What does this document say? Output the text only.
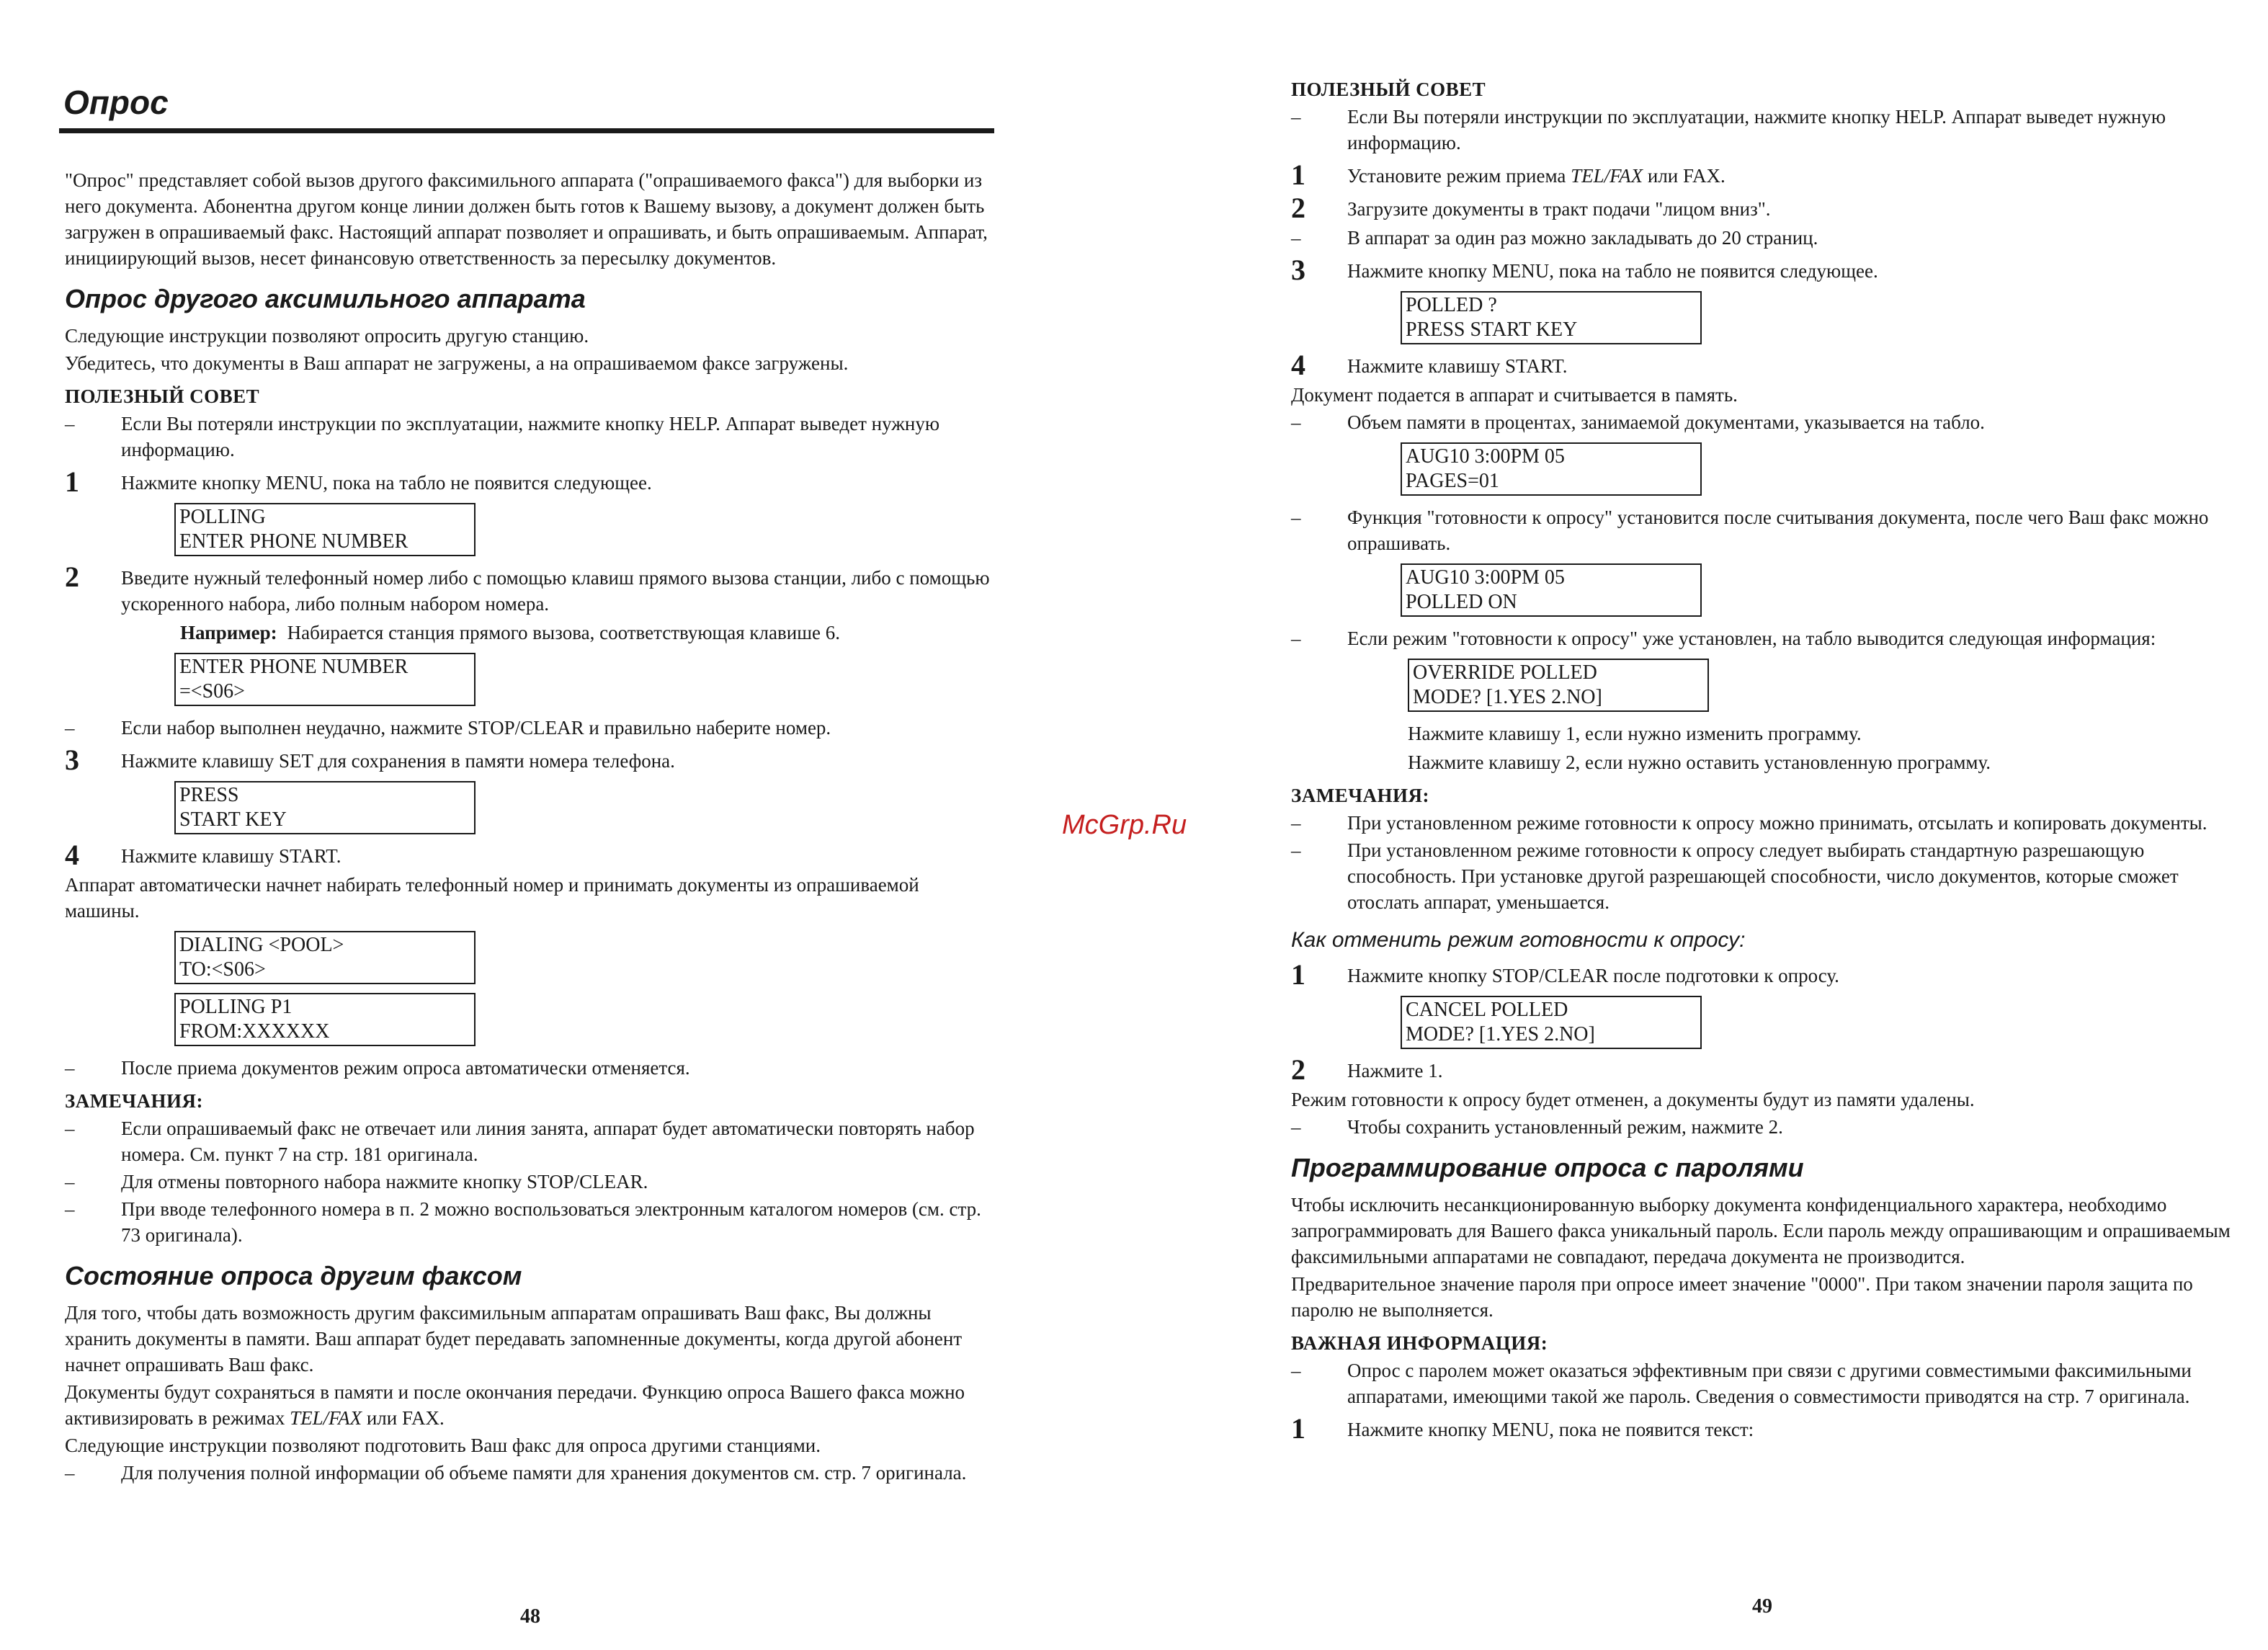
Опрос

"Опрос" представляет собой вызов другого факсимильного аппарата ("опрашиваемого факса") для выборки из него документа. Абонентна другом конце линии должен быть готов к Вашему вызову, а документ должен быть загружен в опрашиваемый факс. Настоящий аппарат позволяет и опрашивать, и быть опрашиваемым. Аппарат, инициирующий вызов, несет финансовую ответственность за пересылку документов.

Опрос другого аксимильного аппарата

Следующие инструкции позволяют опросить другую станцию.

Убедитесь, что документы в Ваш аппарат не загружены, а на опрашиваемом факсе загружены.

ПОЛЕЗНЫЙ СОВЕТ
– Если Вы потеряли инструкции по эксплуатации, нажмите кнопку HELP. Аппарат выведет нужную информацию.
1 Нажмите кнопку MENU, пока на табло не появится следующее.
POLLING
ENTER PHONE NUMBER
2 Введите нужный телефонный номер либо с помощью клавиш прямого вызова станции, либо с помощью ускоренного набора, либо полным набором номера.
Например: Набирается станция прямого вызова, соответствующая клавише 6.
ENTER PHONE NUMBER
=<S06>
– Если набор выполнен неудачно, нажмите STOP/CLEAR и правильно наберите номер.
3 Нажмите клавишу SET для сохранения в памяти номера телефона.
PRESS
START KEY
4 Нажмите клавишу START.

Аппарат автоматически начнет набирать телефонный номер и принимать документы из опрашиваемой машины.

DIALING <POOL>
TO:<S06>
POLLING P1
FROM:XXXXXX
– После приема документов режим опроса автоматически отменяется.
ЗАМЕЧАНИЯ:
– Если опрашиваемый факс не отвечает или линия занята, аппарат будет автоматически повторять набор номера. См. пункт 7 на стр. 181 оригинала.
– Для отмены повторного набора нажмите кнопку STOP/CLEAR.
– При вводе телефонного номера в п. 2 можно воспользоваться электронным каталогом номеров (см. стр. 73 оригинала).
Состояние опроса другим факсом

Для того, чтобы дать возможность другим факсимильным аппаратам опрашивать Ваш факс, Вы должны хранить документы в памяти. Ваш аппарат будет передавать запомненные документы, когда другой абонент начнет опрашивать Ваш факс.

Документы будут сохраняться в памяти и после окончания передачи. Функцию опроса Вашего факса можно активизировать в режимах TEL/FAX или FAX.

Следующие инструкции позволяют подготовить Ваш факс для опроса другими станциями.

– Для получения полной информации об объеме памяти для хранения документов см. стр. 7 оригинала.
48	49
ПОЛЕЗНЫЙ СОВЕТ
– Если Вы потеряли инструкции по эксплуатации, нажмите кнопку HELP. Аппарат выведет нужную информацию.
1 Установите режим приема TEL/FAX или FAX.
2 Загрузите документы в тракт подачи "лицом вниз".
– В аппарат за один раз можно закладывать до 20 страниц.
3 Нажмите кнопку MENU, пока на табло не появится следующее.
POLLED ?
PRESS START KEY
4 Нажмите клавишу START.

Документ подается в аппарат и считывается в память.

– Объем памяти в процентах, занимаемой документами, указывается на табло.
AUG10 3:00PM 05
PAGES=01
– Функция "готовности к опросу" установится после считывания документа, после чего Ваш факс можно опрашивать.
AUG10 3:00PM 05
POLLED ON
– Если режим "готовности к опросу" уже установлен, на табло выводится следующая информация:
OVERRIDE POLLED
MODE? [1.YES 2.NO]
Нажмите клавишу 1, если нужно изменить программу.
Нажмите клавишу 2, если нужно оставить установленную программу.
ЗАМЕЧАНИЯ:
– При установленном режиме готовности к опросу можно принимать, отсылать и копировать документы.
– При установленном режиме готовности к опросу следует выбирать стандартную разрешающую способность. При установке другой разрешающей способности, число документов, которые сможет отослать аппарат, уменьшается.
Как отменить режим готовности к опросу:
1 Нажмите кнопку STOP/CLEAR после подготовки к опросу.
CANCEL POLLED
MODE? [1.YES 2.NO]
2 Нажмите 1.

Режим готовности к опросу будет отменен, а документы будут из памяти удалены.

– Чтобы сохранить установленный режим, нажмите 2.
Программирование опроса с паролями

Чтобы исключить несанкционированную выборку документа конфиденциального характера, необходимо запрограммировать для Вашего факса уникальный пароль. Если пароль между опрашивающим и опрашиваемым факсимильными аппаратами не совпадают, передача документа не производится.

Предварительное значение пароля при опросе имеет значение "0000". При таком значении пароля защита по паролю не выполняется.

ВАЖНАЯ ИНФОРМАЦИЯ:
– Опрос с паролем может оказаться эффективным при связи с другими совместимыми факсимильными аппаратами, имеющими такой же пароль. Сведения о совместимости приводятся на стр. 7 оригинала.
1 Нажмите кнопку MENU, пока не появится текст:
McGrp.Ru
